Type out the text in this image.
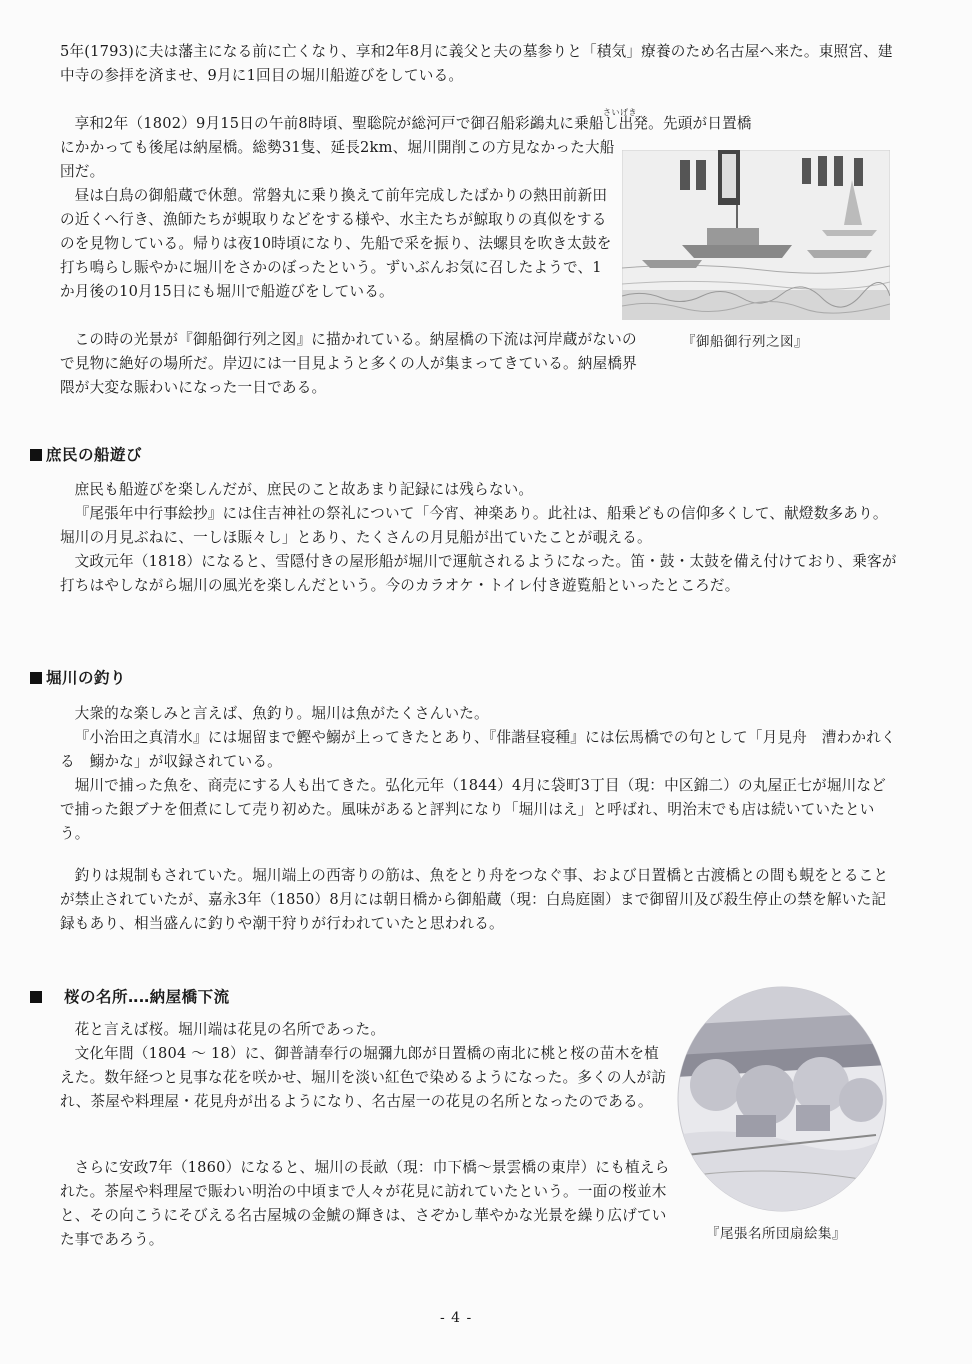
5年(1793)に夫は藩主になる前に亡くなり、享和2年8月に義父と夫の墓参りと「積気」療養のため名古屋へ来た。東照宮、建中寺の参拝を済ませ、9月に1回目の堀川船遊びをしている。

さいげき

享和2年（1802）9月15日の午前8時頃、聖聡院が総河戸で御召船彩鷁丸に乗船し出発。先頭が日置橋

にかかっても後尾は納屋橋。総勢31隻、延長2km、堀川開削この方見なかった大船団だ。

昼は白鳥の御船蔵で休憩。常磐丸に乗り換えて前年完成したばかりの熱田前新田の近くへ行き、漁師たちが蜆取りなどをする様や、水主たちが鯨取りの真似をするのを見物している。帰りは夜10時頃になり、先船で采を振り、法螺貝を吹き太鼓を打ち鳴らし賑やかに堀川をさかのぼったという。ずいぶんお気に召したようで、1か月後の10月15日にも堀川で船遊びをしている。

この時の光景が『御船御行列之図』に描かれている。納屋橋の下流は河岸蔵がないので見物に絶好の場所だ。岸辺には一目見ようと多くの人が集まってきている。納屋橋界隈が大変な賑わいになった一日である。

『御船御行列之図』

庶民の船遊び

庶民も船遊びを楽しんだが、庶民のこと故あまり記録には残らない。

『尾張年中行事絵抄』には住吉神社の祭礼について「今宵、神楽あり。此社は、船乗どもの信仰多くして、献燈数多あり。堀川の月見ぶねに、一しほ賑々し」とあり、たくさんの月見船が出ていたことが覗える。

文政元年（1818）になると、雪隠付きの屋形船が堀川で運航されるようになった。笛・鼓・太鼓を備え付けており、乗客が打ちはやしながら堀川の風光を楽しんだという。今のカラオケ・トイレ付き遊覧船といったところだ。

堀川の釣り

大衆的な楽しみと言えば、魚釣り。堀川は魚がたくさんいた。

『小治田之真清水』には堀留まで鰹や鰯が上ってきたとあり、『俳諧昼寝種』には伝馬橋での句として「月見舟　漕わかれくる　鰯かな」が収録されている。

堀川で捕った魚を、商売にする人も出てきた。弘化元年（1844）4月に袋町3丁目（現：中区錦二）の丸屋正七が堀川などで捕った銀ブナを佃煮にして売り初めた。風味があると評判になり「堀川はえ」と呼ばれ、明治末でも店は続いていたという。

釣りは規制もされていた。堀川端上の西寄りの筋は、魚をとり舟をつなぐ事、および日置橋と古渡橋との間も蜆をとることが禁止されていたが、嘉永3年（1850）8月には朝日橋から御船蔵（現：白鳥庭園）まで御留川及び殺生停止の禁を解いた記録もあり、相当盛んに釣りや潮干狩りが行われていたと思われる。

桜の名所‥‥納屋橋下流

花と言えば桜。堀川端は花見の名所であった。

文化年間（1804 ～ 18）に、御普請奉行の堀彌九郎が日置橋の南北に桃と桜の苗木を植えた。数年経つと見事な花を咲かせ、堀川を淡い紅色で染めるようになった。多くの人が訪れ、茶屋や料理屋・花見舟が出るようになり、名古屋一の花見の名所となったのである。

さらに安政7年（1860）になると、堀川の長畝（現：巾下橋～景雲橋の東岸）にも植えられた。茶屋や料理屋で賑わい明治の中頃まで人々が花見に訪れていたという。一面の桜並木と、その向こうにそびえる名古屋城の金鯱の輝きは、さぞかし華やかな光景を繰り広げていた事であろう。	『尾張名所団扇絵集』

- 4 -
